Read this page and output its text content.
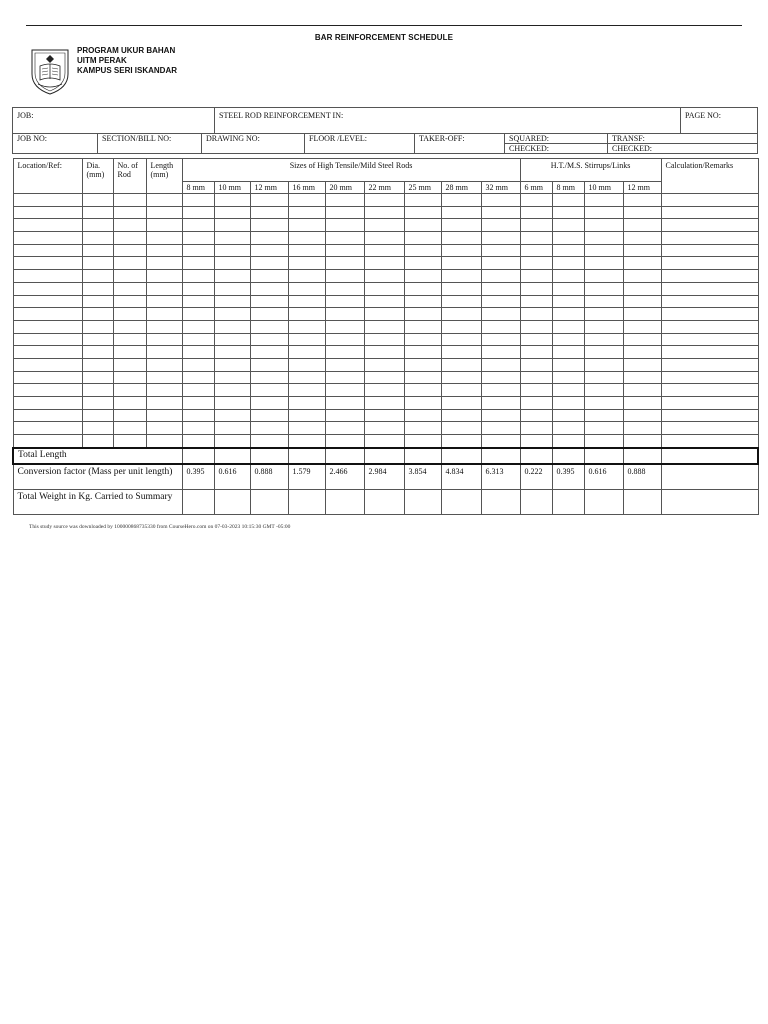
BAR REINFORCEMENT SCHEDULE
PROGRAM UKUR BAHAN
UITM PERAK
KAMPUS SERI ISKANDAR
JOB:	STEEL ROD REINFORCEMENT IN:	PAGE NO:
JOB NO:	SECTION/BILL NO:	DRAWING NO:	FLOOR /LEVEL:	TAKER-OFF:	SQUARED:	TRANSF:
					CHECKED:	CHECKED:
Location/Ref:	Dia. (mm)	No. of Rod	Length (mm)	Sizes of High Tensile/Mild Steel Rods									H.T./M.S. Stirrups/Links				Calculation/Remarks
				8 mm	10 mm	12 mm	16 mm	20 mm	22 mm	25 mm	28 mm	32 mm	6 mm	8 mm	10 mm	12 mm	

Total Length																	
Conversion factor (Mass per unit length)				0.395	0.616	0.888	1.579	2.466	2.984	3.854	4.834	6.313	0.222	0.395	0.616	0.888	
Total Weight in Kg. Carried to Summary																	
This study source was downloaded by 100000868735330 from CourseHero.com on 07-03-2023 10:15:30 GMT -05:00
